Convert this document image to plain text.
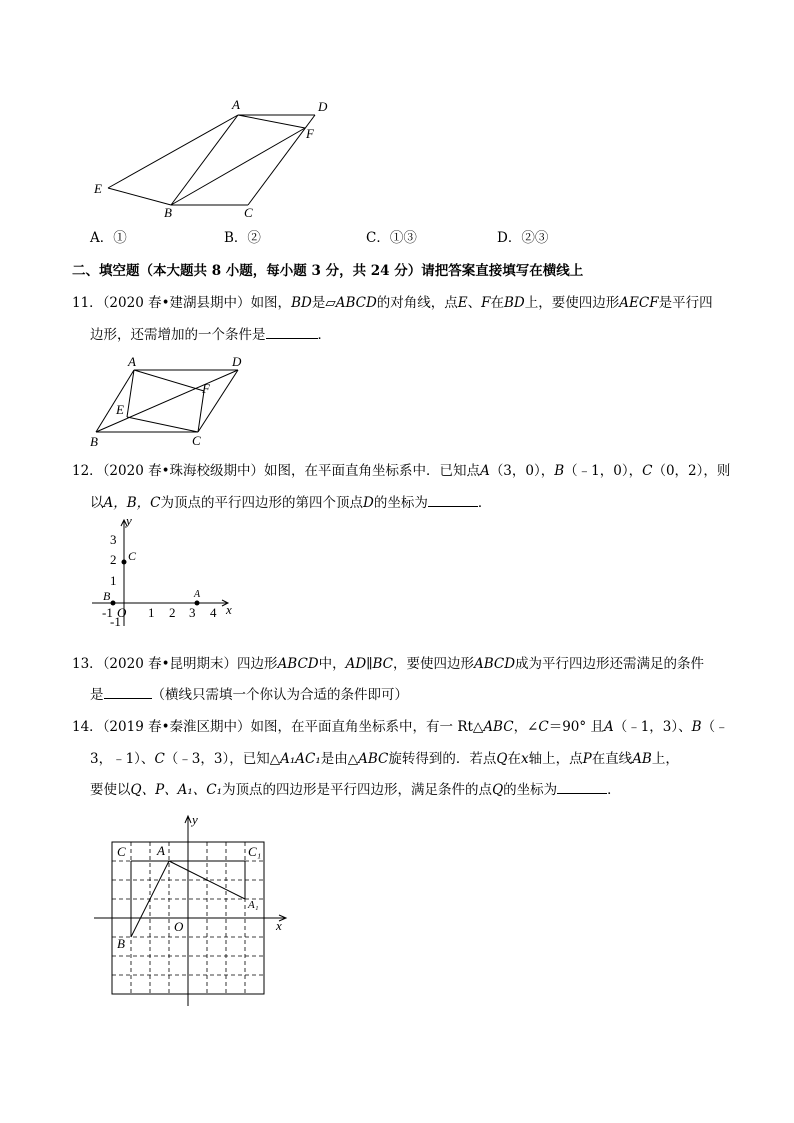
A	D
F
E
B	C
A．①	B．②	C．①③	D．②③
二、填空题（本大题共 8 小题，每小题 3 分，共 24 分）请把答案直接填写在横线上
11．（2020 春•建湖县期中）如图，BD是▱ABCD的对角线，点E、F在BD上，要使四边形AECF是平行四
边形，还需增加的一个条件是	．
A	D
F
E
B	C
12．（2020 春•珠海校级期中）如图，在平面直角坐标系中．已知点A（3，0），B（﹣1，0），C（0，2），则
以A，B，C为顶点的平行四边形的第四个顶点D的坐标为	．
y
x
3
2
1
-1
-1 O 1 2 3 4
C
B	A
13．（2020 春•昆明期末）四边形ABCD中，AD∥BC，要使四边形ABCD成为平行四边形还需满足的条件
是	（横线只需填一个你认为合适的条件即可）
14．（2019 春•秦淮区期中）如图，在平面直角坐标系中，有一 Rt△ABC，∠C＝90° 且A（﹣1，3）、B（﹣
3，﹣1）、C（﹣3，3），已知△A₁AC₁是由△ABC旋转得到的．若点Q在x轴上，点P在直线AB上，
要使以Q、P、A₁、C₁为顶点的四边形是平行四边形，满足条件的点Q的坐标为	．
y
x
C A	C₁
A₁
B
O
